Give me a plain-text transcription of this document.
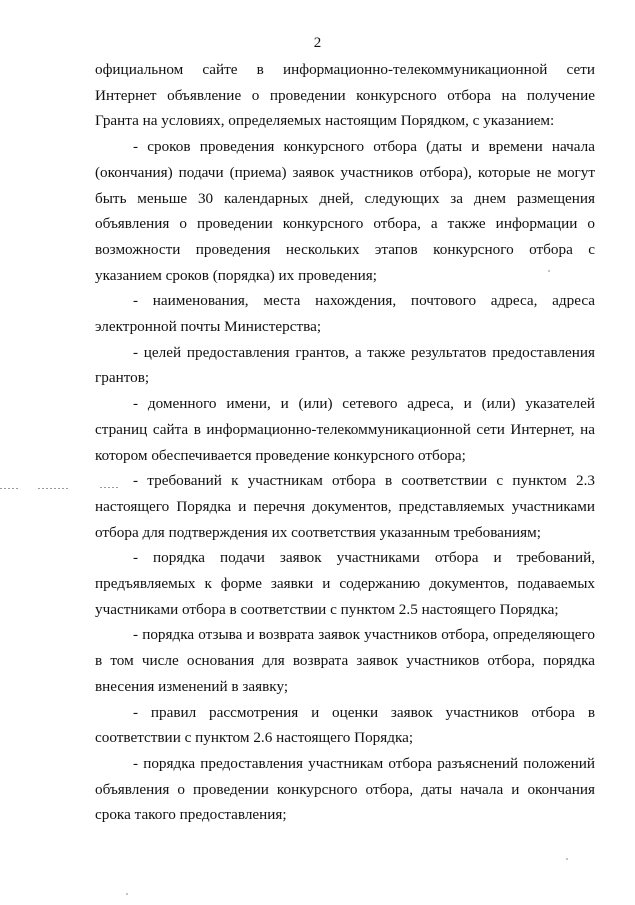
2

официальном сайте в информационно-телекоммуникационной сети Интернет объявление о проведении конкурсного отбора на получение Гранта на условиях, определяемых настоящим Порядком, с указанием:

- сроков проведения конкурсного отбора (даты и времени начала (окончания) подачи (приема) заявок участников отбора), которые не могут быть меньше 30 календарных дней, следующих за днем размещения объявления о проведении конкурсного отбора, а также информации о возможности проведения нескольких этапов конкурсного отбора с указанием сроков (порядка) их проведения;

- наименования, места нахождения, почтового адреса, адреса электронной почты Министерства;

- целей предоставления грантов, а также результатов предоставления грантов;

- доменного имени, и (или) сетевого адреса, и (или) указателей страниц сайта в информационно-телекоммуникационной сети Интернет, на котором обеспечивается проведение конкурсного отбора;

- требований к участникам отбора в соответствии с пунктом 2.3 настоящего Порядка и перечня документов, представляемых участниками отбора для подтверждения их соответствия указанным требованиям;

- порядка подачи заявок участниками отбора и требований, предъявляемых к форме заявки и содержанию документов, подаваемых участниками отбора в соответствии с пунктом 2.5 настоящего Порядка;

- порядка отзыва и возврата заявок участников отбора, определяющего в том числе основания для возврата заявок участников отбора, порядка внесения изменений в заявку;

- правил рассмотрения и оценки заявок участников отбора в соответствии с пунктом 2.6 настоящего Порядка;

- порядка предоставления участникам отбора разъяснений положений объявления о проведении конкурсного отбора, даты начала и окончания срока такого предоставления;
